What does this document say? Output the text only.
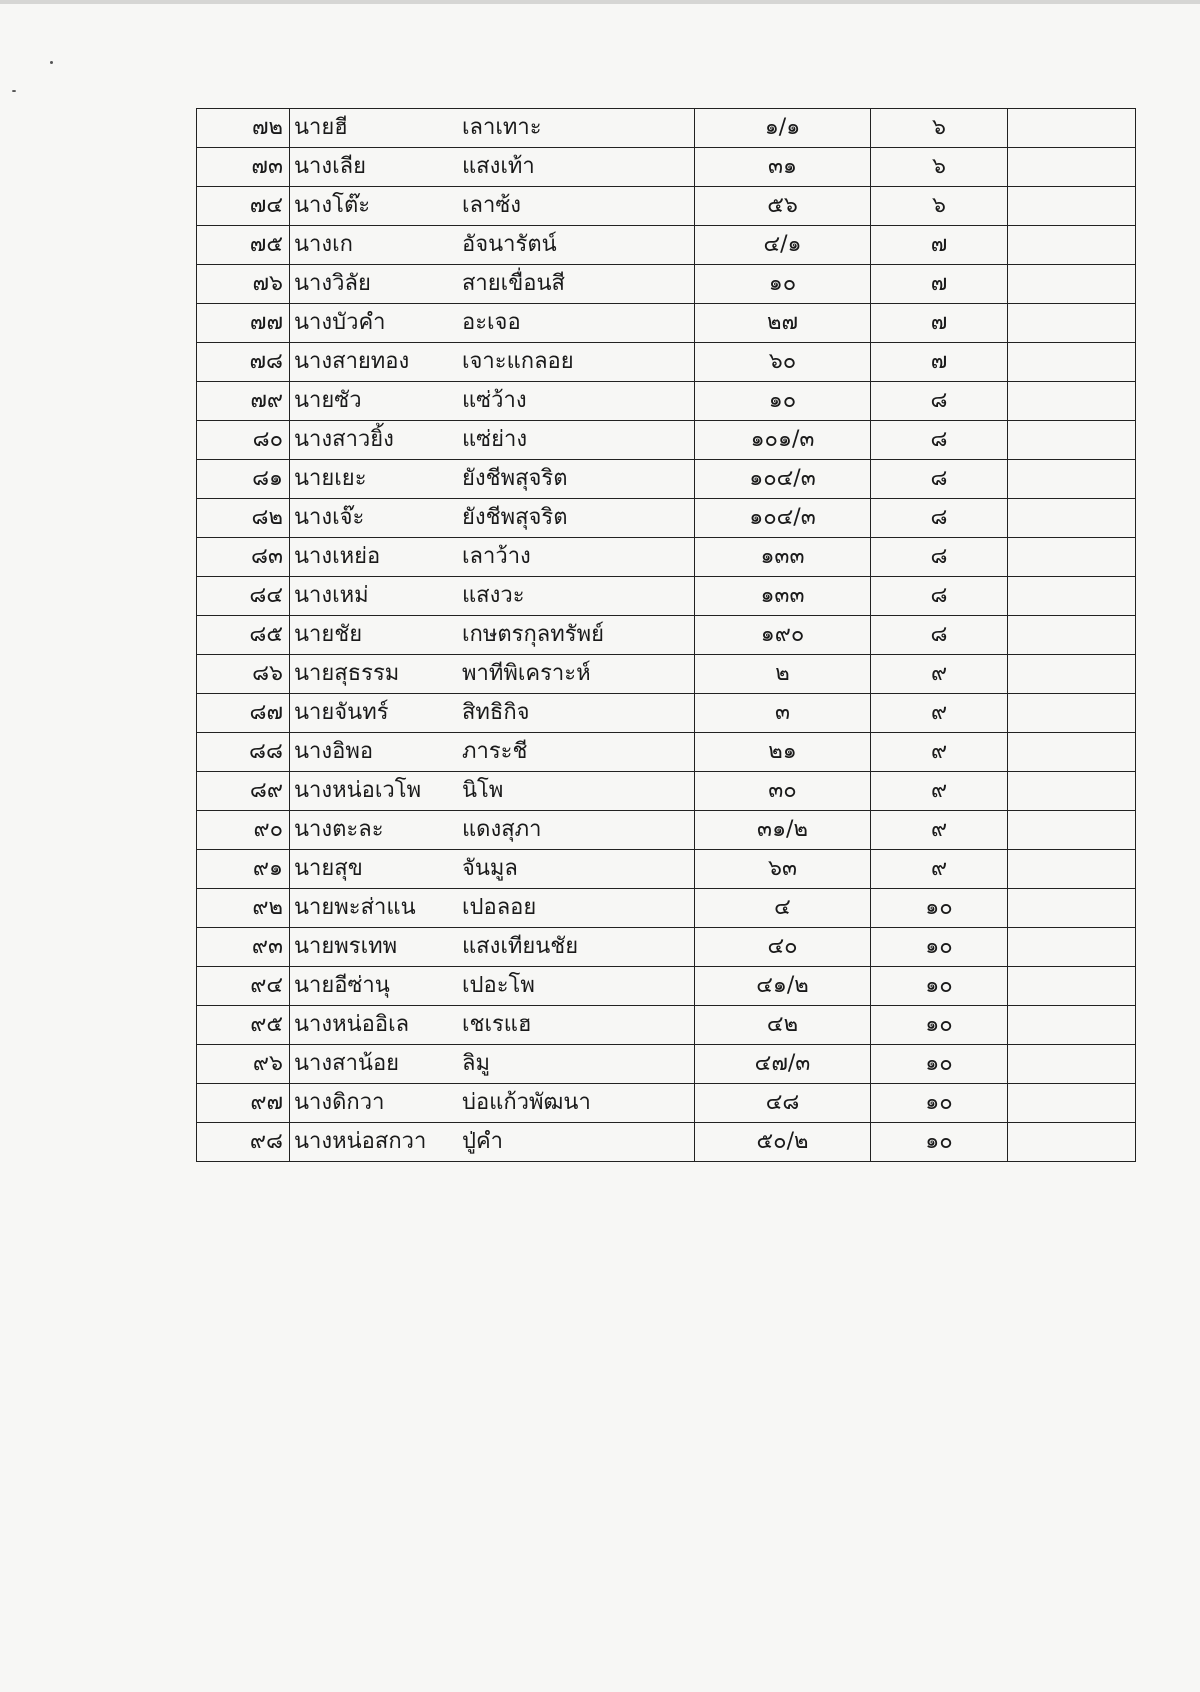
๗๒	นายฮี เลาเทาะ	๑/๑	๖	
๗๓	นางเลีย แสงเท้า	๓๑	๖	
๗๔	นางโต๊ะ เลาซ้ง	๕๖	๖	
๗๕	นางเก อัจนารัตน์	๔/๑	๗	
๗๖	นางวิลัย สายเขื่อนสี	๑๐	๗	
๗๗	นางบัวคำ อะเจอ	๒๗	๗	
๗๘	นางสายทอง เจาะแกลอย	๖๐	๗	
๗๙	นายซัว แซ่ว้าง	๑๐	๘	
๘๐	นางสาวยิ้ง แซ่ย่าง	๑๐๑/๓	๘	
๘๑	นายเยะ ยังชีพสุจริต	๑๐๔/๓	๘	
๘๒	นางเจ๊ะ ยังชีพสุจริต	๑๐๔/๓	๘	
๘๓	นางเหย่อ เลาว้าง	๑๓๓	๘	
๘๔	นางเหม่ แสงวะ	๑๓๓	๘	
๘๕	นายชัย เกษตรกุลทรัพย์	๑๙๐	๘	
๘๖	นายสุธรรม พาทีพิเคราะห์	๒	๙	
๘๗	นายจันทร์ สิทธิกิจ	๓	๙	
๘๘	นางอิพอ ภาระชี	๒๑	๙	
๘๙	นางหน่อเวโพ นิโพ	๓๐	๙	
๙๐	นางตะละ แดงสุภา	๓๑/๒	๙	
๙๑	นายสุข จันมูล	๖๓	๙	
๙๒	นายพะส่าแน เปอลอย	๔	๑๐	
๙๓	นายพรเทพ แสงเทียนชัย	๔๐	๑๐	
๙๔	นายอีซ่านุ เปอะโพ	๔๑/๒	๑๐	
๙๕	นางหน่ออิเล เชเรแฮ	๔๒	๑๐	
๙๖	นางสาน้อย ลิมู	๔๗/๓	๑๐	
๙๗	นางดิกวา บ่อแก้วพัฒนา	๔๘	๑๐	
๙๘	นางหน่อสกวา ปู่คำ	๕๐/๒	๑๐	
